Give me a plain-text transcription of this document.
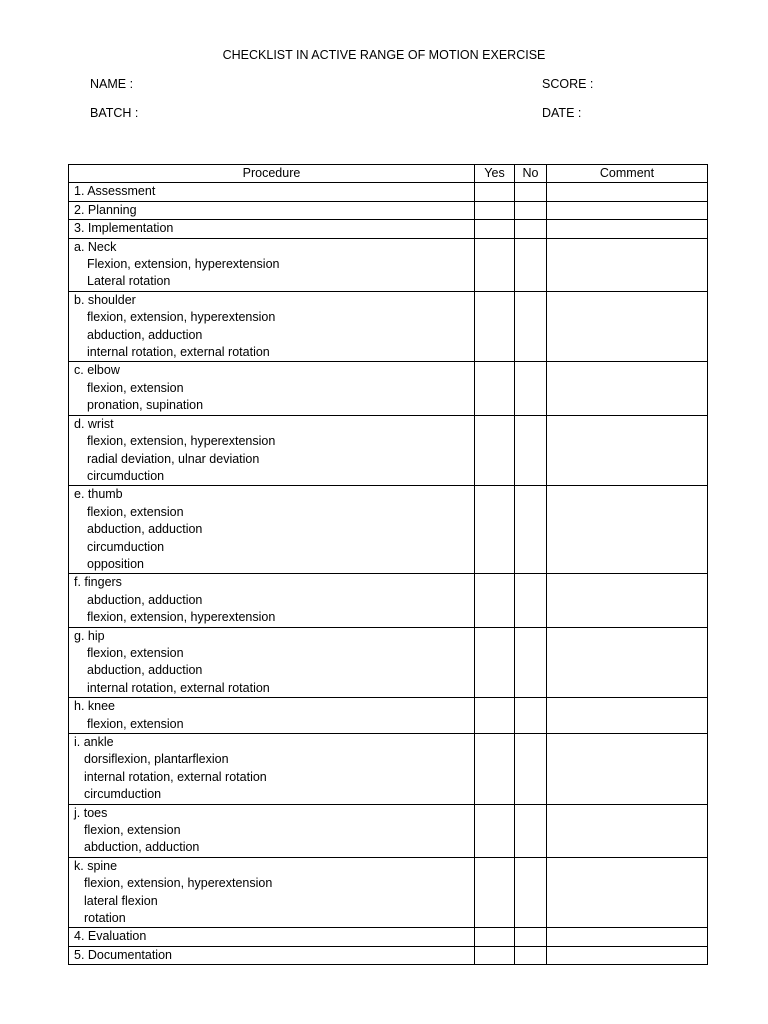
CHECKLIST IN ACTIVE RANGE OF MOTION EXERCISE
NAME :
BATCH :
SCORE :
DATE :
Procedure	Yes	No	Comment

1. Assessment			

2. Planning			

3. Implementation			

a. Neck
Flexion, extension, hyperextension
Lateral rotation			

b. shoulder
flexion, extension, hyperextension
abduction, adduction
internal rotation, external rotation			

c. elbow
flexion, extension
pronation, supination			

d. wrist
flexion, extension, hyperextension
radial deviation, ulnar deviation
circumduction			

e. thumb
flexion, extension
abduction, adduction
circumduction
opposition			

f. fingers
abduction, adduction
flexion, extension, hyperextension			

g. hip
flexion, extension
abduction, adduction
internal rotation, external rotation			

h. knee
flexion, extension			

i. ankle
dorsiflexion, plantarflexion
internal rotation, external rotation
circumduction			

j. toes
flexion, extension
abduction, adduction			

k. spine
flexion, extension, hyperextension
lateral flexion
rotation			

4. Evaluation			

5. Documentation			
